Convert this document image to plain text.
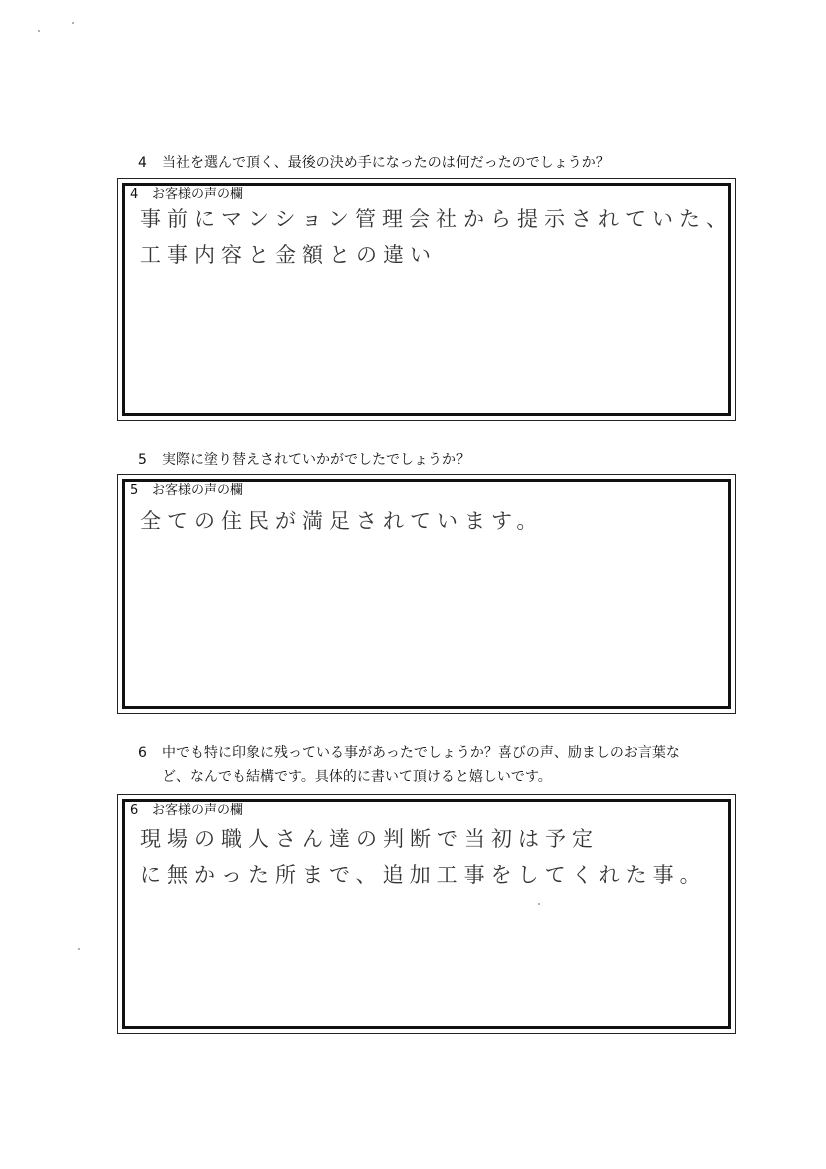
4 当社を選んで頂く、最後の決め手になったのは何だったのでしょうか？
4 お客様の声の欄
事前にマンション管理会社から提示されていた、
工事内容と金額との違い
5 実際に塗り替えされていかがでしたでしょうか？
5 お客様の声の欄
全ての住民が満足されています。
6 中でも特に印象に残っている事があったでしょうか？喜びの声、励ましのお言葉な
ど、なんでも結構です。具体的に書いて頂けると嬉しいです。
6 お客様の声の欄
現場の職人さん達の判断で当初は予定
に無かった所まで、追加工事をしてくれた事。
